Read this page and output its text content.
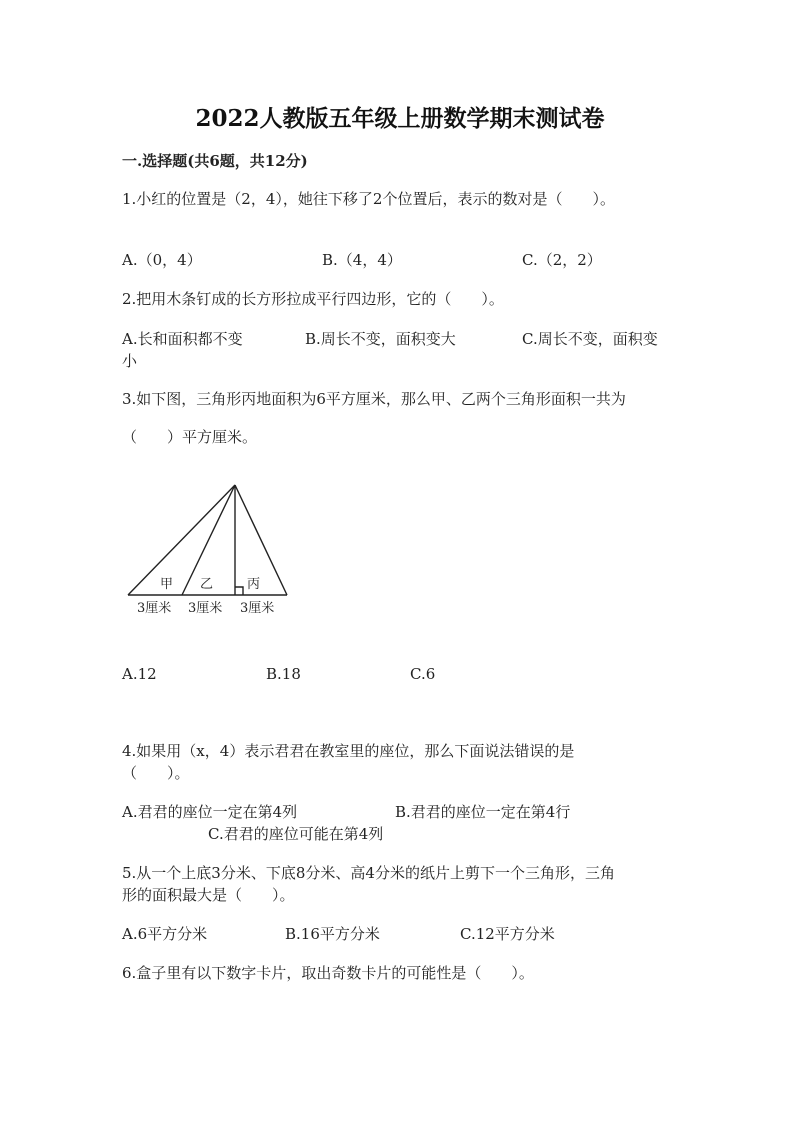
2022人教版五年级上册数学期末测试卷
一.选择题(共6题，共12分)
1.小红的位置是（2，4），她往下移了2个位置后，表示的数对是（　　）。
A.（0，4）	B.（4，4）	C.（2，2）
2.把用木条钉成的长方形拉成平行四边形，它的（　　）。
A.长和面积都不变	B.周长不变，面积变大	C.周长不变，面积变
小
3.如下图，三角形丙地面积为6平方厘米，那么甲、乙两个三角形面积一共为
（　　）平方厘米。
甲 乙	丙
3厘米 3厘米 3厘米
A.12	B.18	C.6
4.如果用（x，4）表示君君在教室里的座位，那么下面说法错误的是
（　　）。
A.君君的座位一定在第4列	B.君君的座位一定在第4行
C.君君的座位可能在第4列
5.从一个上底3分米、下底8分米、高4分米的纸片上剪下一个三角形，三角
形的面积最大是（　　）。
A.6平方分米	B.16平方分米	C.12平方分米
6.盒子里有以下数字卡片，取出奇数卡片的可能性是（　　）。
